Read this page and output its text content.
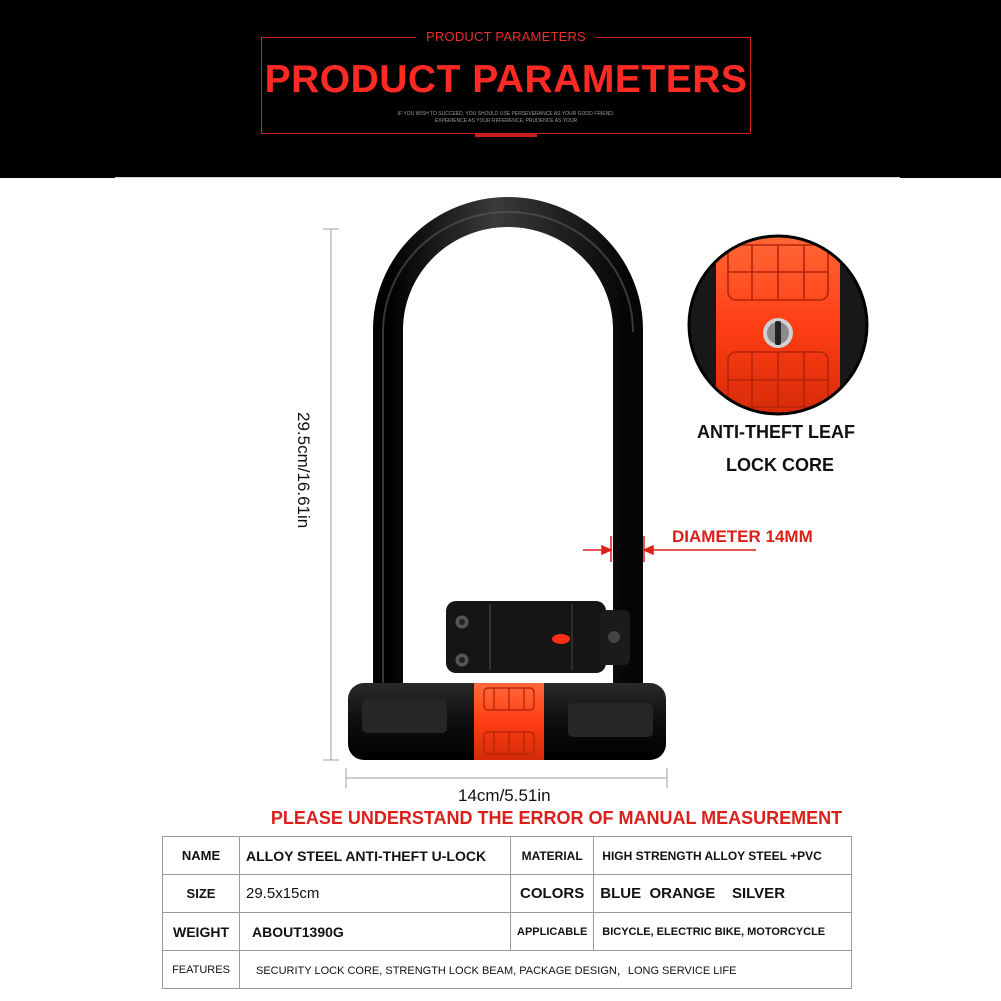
PRODUCT PARAMETERS
PRODUCT PARAMETERS
IF YOU WISH TO SUCCEED, YOU SHOULD USE PERSEVERANCE AS YOUR GOOD FRIEND,
EXPERIENCE AS YOUR REFERENCE, PRUDENCE AS YOUR
29.5cm/16.61in
14cm/5.51in
ANTI-THEFT LEAF
LOCK CORE
DIAMETER 14MM
PLEASE UNDERSTAND THE ERROR OF MANUAL MEASUREMENT
NAME	ALLOY STEEL ANTI-THEFT U-LOCK	MATERIAL	HIGH STRENGTH ALLOY STEEL +PVC
SIZE	29.5x15cm	COLORS	BLUE  ORANGE    SILVER
WEIGHT	ABOUT1390G	APPLICABLE	BICYCLE, ELECTRIC BIKE, MOTORCYCLE
FEATURES	SECURITY LOCK CORE, STRENGTH LOCK BEAM, PACKAGE DESIGN，LONG SERVICE LIFE		
